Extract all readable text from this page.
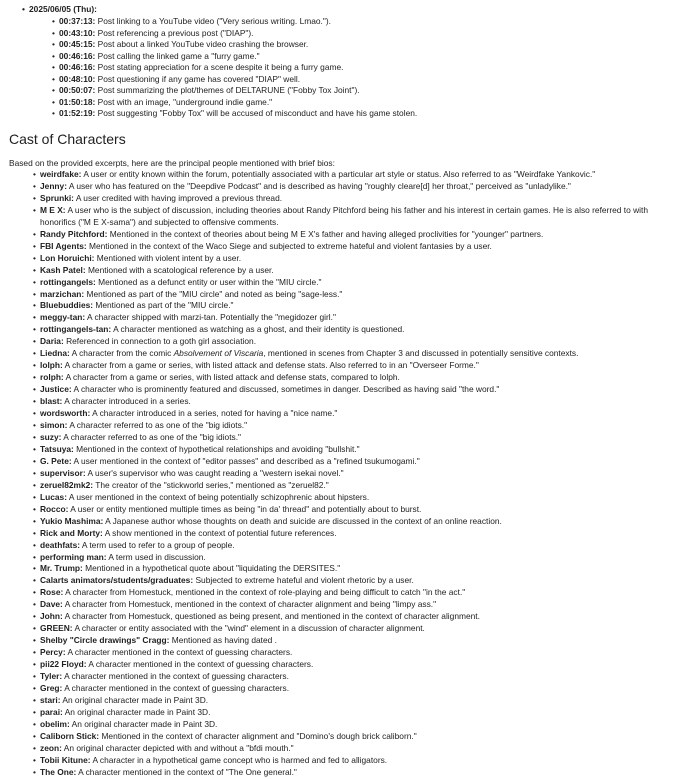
• 2025/06/05 (Thu):
• 00:37:13: Post linking to a YouTube video ("Very serious writing. Lmao.").
• 00:43:10: Post referencing a previous post ("DIAP").
• 00:45:15: Post about a linked YouTube video crashing the browser.
• 00:46:16: Post calling the linked game a "furry game."
• 00:46:16: Post stating appreciation for a scene despite it being a furry game.
• 00:48:10: Post questioning if any game has covered "DIAP" well.
• 00:50:07: Post summarizing the plot/themes of DELTARUNE ("Fobby Tox Joint").
• 01:50:18: Post with an image, "underground indie game."
• 01:52:19: Post suggesting "Fobby Tox" will be accused of misconduct and have his game stolen.
Cast of Characters

Based on the provided excerpts, here are the principal people mentioned with brief bios:

• weirdfake: A user or entity known within the forum, potentially associated with a particular art style or status. Also referred to as "Weirdfake Yankovic."
• Jenny: A user who has featured on the "Deepdive Podcast" and is described as having "roughly cleare[d] her throat," perceived as "unladylike."
• Sprunki: A user credited with having improved a previous thread.
• M E X: A user who is the subject of discussion, including theories about Randy Pitchford being his father and his interest in certain games. He is also referred to with
honorifics ("M E X-sama") and subjected to offensive comments.
• Randy Pitchford: Mentioned in the context of theories about being M E X's father and having alleged proclivities for "younger" partners.
• FBI Agents: Mentioned in the context of the Waco Siege and subjected to extreme hateful and violent fantasies by a user.
• Lon Horuichi: Mentioned with violent intent by a user.
• Kash Patel: Mentioned with a scatological reference by a user.
• rottingangels: Mentioned as a defunct entity or user within the "MIU circle."
• marzichan: Mentioned as part of the "MIU circle" and noted as being "sage-less."
• Bluebuddies: Mentioned as part of the "MIU circle."
• meggy-tan: A character shipped with marzi-tan. Potentially the "megidozer girl."
• rottingangels-tan: A character mentioned as watching as a ghost, and their identity is questioned.
• Daria: Referenced in connection to a goth girl association.
• Liedna: A character from the comic Absolvement of Viscaria, mentioned in scenes from Chapter 3 and discussed in potentially sensitive contexts.
• lolph: A character from a game or series, with listed attack and defense stats. Also referred to in an "Overseer Forme."
• rolph: A character from a game or series, with listed attack and defense stats, compared to lolph.
• Justice: A character who is prominently featured and discussed, sometimes in danger. Described as having said "the word."
• blast: A character introduced in a series.
• wordsworth: A character introduced in a series, noted for having a "nice name."
• simon: A character referred to as one of the "big idiots."
• suzy: A character referred to as one of the "big idiots."
• Tatsuya: Mentioned in the context of hypothetical relationships and avoiding "bullshit."
• G. Pete: A user mentioned in the context of "editor passes" and described as a "refined tsukumogami."
• supervisor: A user's supervisor who was caught reading a "western isekai novel."
• zeruel82mk2: The creator of the "stickworld series," mentioned as "zeruel82."
• Lucas: A user mentioned in the context of being potentially schizophrenic about hipsters.
• Rocco: A user or entity mentioned multiple times as being "in da' thread" and potentially about to burst.
• Yukio Mashima: A Japanese author whose thoughts on death and suicide are discussed in the context of an online reaction.
• Rick and Morty: A show mentioned in the context of potential future references.
• deathfats: A term used to refer to a group of people.
• performing man: A term used in discussion.
• Mr. Trump: Mentioned in a hypothetical quote about "liquidating the DERSITES."
• Calarts animators/students/graduates: Subjected to extreme hateful and violent rhetoric by a user.
• Rose: A character from Homestuck, mentioned in the context of role-playing and being difficult to catch "in the act."
• Dave: A character from Homestuck, mentioned in the context of character alignment and being "limpy ass."
• John: A character from Homestuck, questioned as being present, and mentioned in the context of character alignment.
• GREEN: A character or entity associated with the "wind" element in a discussion of character alignment.
• Shelby "Circle drawings" Cragg: Mentioned as having dated .
• Percy: A character mentioned in the context of guessing characters.
• pii22 Floyd: A character mentioned in the context of guessing characters.
• Tyler: A character mentioned in the context of guessing characters.
• Greg: A character mentioned in the context of guessing characters.
• stari: An original character made in Paint 3D.
• parai: An original character made in Paint 3D.
• obelim: An original character made in Paint 3D.
• Caliborn Stick: Mentioned in the context of character alignment and "Domino's dough brick caliborn."
• zeon: An original character depicted with and without a "bfdi mouth."
• Tobii Kitune: A character in a hypothetical game concept who is harmed and fed to alligators.
• The One: A character mentioned in the context of "The One general."
